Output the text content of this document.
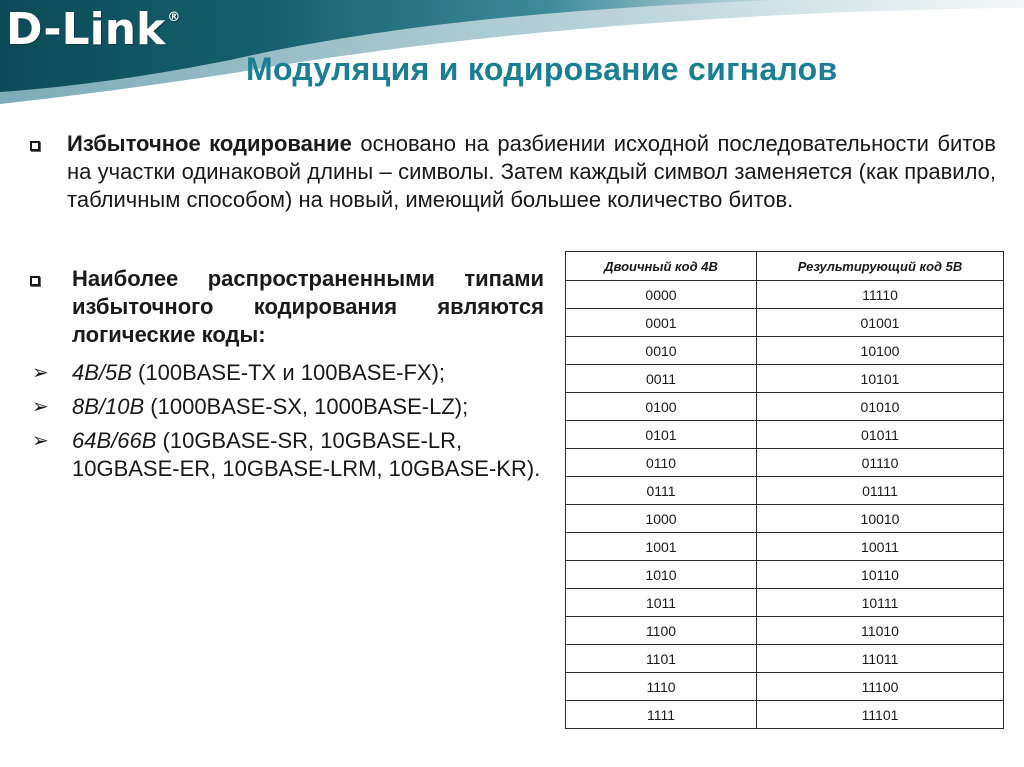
D-Link ®
Модуляция и кодирование сигналов
Избыточное кодирование основано на разбиении исходной последовательности битов на участки одинаковой длины – символы. Затем каждый символ заменяется (как правило, табличным способом) на новый, имеющий большее количество битов.
Наиболее распространенными типами избыточного кодирования являются логические коды:
➢ 4B/5B (100BASE-TX и 100BASE-FX);
➢ 8B/10B (1000BASE-SX, 1000BASE-LZ);
➢ 64B/66B (10GBASE-SR, 10GBASE-LR, 10GBASE-ER, 10GBASE-LRM, 10GBASE-KR).
Двоичный код 4B	Результирующий код 5B
0000	11110
0001	01001
0010	10100
0011	10101
0100	01010
0101	01011
0110	01110
0111	01111
1000	10010
1001	10011
1010	10110
1011	10111
1100	11010
1101	11011
1110	11100
1111	11101
